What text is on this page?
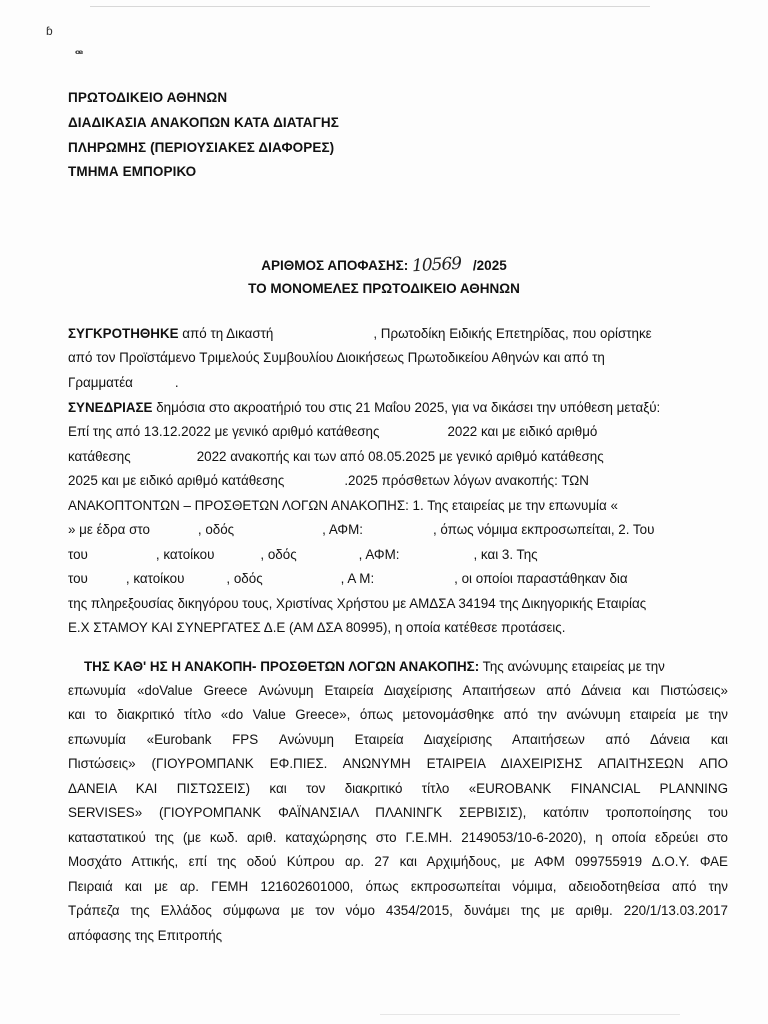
ɓ
ꟹ
ΠΡΩΤΟΔΙΚΕΙΟ ΑΘΗΝΩΝ
ΔΙΑΔΙΚΑΣΙΑ ΑΝΑΚΟΠΩΝ ΚΑΤΑ ΔΙΑΤΑΓΗΣ
ΠΛΗΡΩΜΗΣ (ΠΕΡΙΟΥΣΙΑΚΕΣ ΔΙΑΦΟΡΕΣ)
ΤΜΗΜΑ ΕΜΠΟΡΙΚΟ
ΑΡΙΘΜΟΣ ΑΠΟΦΑΣΗΣ: 10569 /2025
ΤΟ ΜΟΝΟΜΕΛΕΣ ΠΡΩΤΟΔΙΚΕΙΟ ΑΘΗΝΩΝ
ΣΥΓΚΡΟΤΗΘΗΚΕ από τη Δικαστή	, Πρωτοδίκη Ειδικής Επετηρίδας, που ορίστηκε
από τον Προϊστάμενο Τριμελούς Συμβουλίου Διοικήσεως Πρωτοδικείου Αθηνών και από τη
Γραμματέα	.
ΣΥΝΕΔΡΙΑΣΕ δημόσια στο ακροατήριό του στις 21 Μαΐου 2025, για να δικάσει την υπόθεση μεταξύ:
Επί της από 13.12.2022 με γενικό αριθμό κατάθεσης	2022 και με ειδικό αριθμό
κατάθεσης	2022 ανακοπής και των από 08.05.2025 με γενικό αριθμό κατάθεσης
2025 και με ειδικό αριθμό κατάθεσης	.2025 πρόσθετων λόγων ανακοπής: ΤΩΝ
ΑΝΑΚΟΠΤΟΝΤΩΝ – ΠΡΟΣΘΕΤΩΝ ΛΟΓΩΝ ΑΝΑΚΟΠΗΣ: 1. Της εταιρείας με την επωνυμία «
» με έδρα στο	, οδός	, ΑΦΜ:	, όπως νόμιμα εκπροσωπείται, 2. Του
του	, κατοίκου	, οδός	, ΑΦΜ:	, και 3. Της
του	, κατοίκου	, οδός	, Α Μ:	, οι οποίοι παραστάθηκαν δια
της πληρεξουσίας δικηγόρου τους, Χριστίνας Χρήστου με ΑΜΔΣΑ 34194 της Δικηγορικής Εταιρίας
Ε.Χ ΣΤΑΜΟΥ ΚΑΙ ΣΥΝΕΡΓΑΤΕΣ Δ.Ε (ΑΜ ΔΣΑ 80995), η οποία κατέθεσε προτάσεις.
ΤΗΣ ΚΑΘ' ΗΣ Η ΑΝΑΚΟΠΗ- ΠΡΟΣΘΕΤΩΝ ΛΟΓΩΝ ΑΝΑΚΟΠΗΣ: Της ανώνυμης εταιρείας με την
επωνυμία «doValue Greece Ανώνυμη Εταιρεία Διαχείρισης Απαιτήσεων από Δάνεια και Πιστώσεις»
και το διακριτικό τίτλο «do Value Greece», όπως μετονομάσθηκε από την ανώνυμη εταιρεία με την
επωνυμία «Eurobank FPS Ανώνυμη Εταιρεία Διαχείρισης Απαιτήσεων από Δάνεια και
Πιστώσεις» (ΓΙΟΥΡΟΜΠΑΝΚ ΕΦ.ΠΙΕΣ. ΑΝΩΝΥΜΗ ΕΤΑΙΡΕΙΑ ΔΙΑΧΕΙΡΙΣΗΣ ΑΠΑΙΤΗΣΕΩΝ ΑΠΟ
ΔΑΝΕΙΑ ΚΑΙ ΠΙΣΤΩΣΕΙΣ) και τον διακριτικό τίτλο «EUROBANK FINANCIAL PLANNING
SERVISES» (ΓΙΟΥΡΟΜΠΑΝΚ ΦΑΪΝΑΝΣΙΑΛ ΠΛΑΝΙΝΓΚ ΣΕΡΒΙΣΙΣ), κατόπιν τροποποίησης του
καταστατικού της (με κωδ. αριθ. καταχώρησης στο Γ.Ε.ΜΗ. 2149053/10-6-2020), η οποία εδρεύει στο
Μοσχάτο Αττικής, επί της οδού Κύπρου αρ. 27 και Αρχιμήδους, με ΑΦΜ 099755919 Δ.Ο.Υ. ΦΑΕ
Πειραιά και με αρ. ΓΕΜΗ 121602601000, όπως εκπροσωπείται νόμιμα, αδειοδοτηθείσα από την
Τράπεζα της Ελλάδος σύμφωνα με τον νόμο 4354/2015, δυνάμει της με αριθμ. 220/1/13.03.2017
απόφασης της Επιτροπής
